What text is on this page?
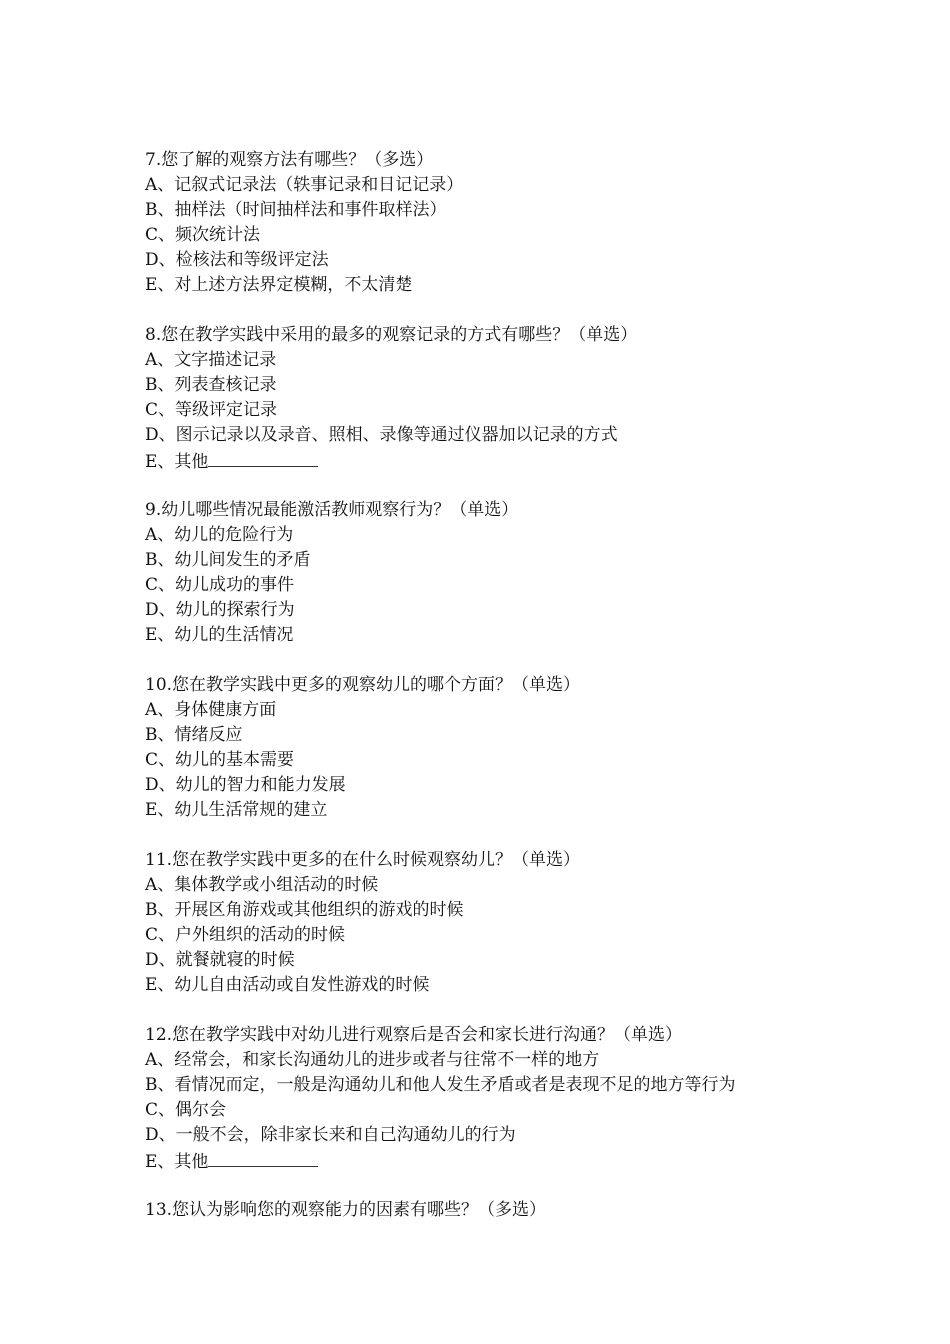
7.您了解的观察方法有哪些？（多选）
A、记叙式记录法（轶事记录和日记记录）
B、抽样法（时间抽样法和事件取样法）
C、频次统计法
D、检核法和等级评定法
E、对上述方法界定模糊，不太清楚
8.您在教学实践中采用的最多的观察记录的方式有哪些？（单选）
A、文字描述记录
B、列表查核记录
C、等级评定记录
D、图示记录以及录音、照相、录像等通过仪器加以记录的方式
E、其他
9.幼儿哪些情况最能激活教师观察行为？（单选）
A、幼儿的危险行为
B、幼儿间发生的矛盾
C、幼儿成功的事件
D、幼儿的探索行为
E、幼儿的生活情况
10.您在教学实践中更多的观察幼儿的哪个方面？（单选）
A、身体健康方面
B、情绪反应
C、幼儿的基本需要
D、幼儿的智力和能力发展
E、幼儿生活常规的建立
11.您在教学实践中更多的在什么时候观察幼儿？（单选）
A、集体教学或小组活动的时候
B、开展区角游戏或其他组织的游戏的时候
C、户外组织的活动的时候
D、就餐就寝的时候
E、幼儿自由活动或自发性游戏的时候
12.您在教学实践中对幼儿进行观察后是否会和家长进行沟通？（单选）
A、经常会，和家长沟通幼儿的进步或者与往常不一样的地方
B、看情况而定，一般是沟通幼儿和他人发生矛盾或者是表现不足的地方等行为
C、偶尔会
D、一般不会，除非家长来和自己沟通幼儿的行为
E、其他
13.您认为影响您的观察能力的因素有哪些？（多选）
